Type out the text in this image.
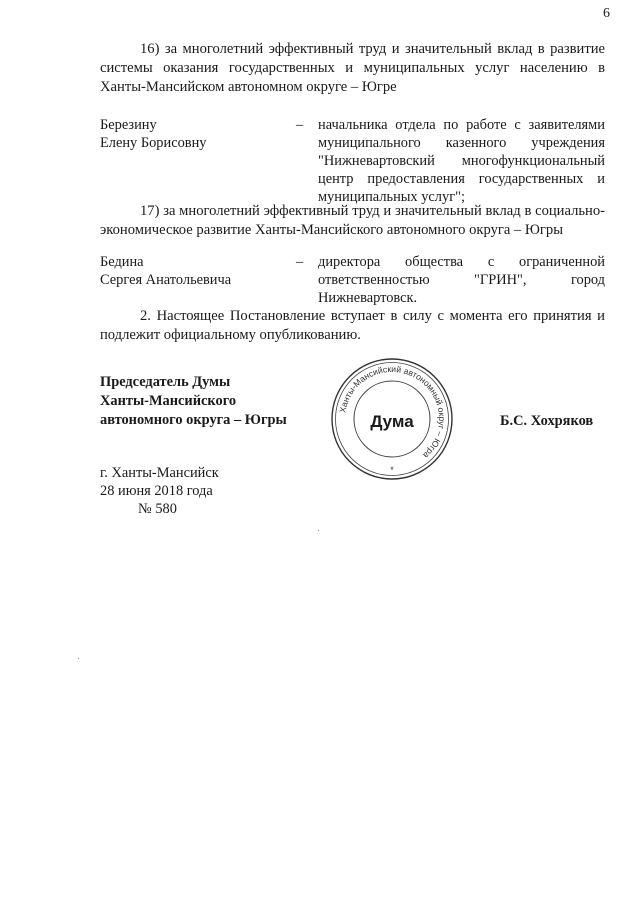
6

16) за многолетний эффективный труд и значительный вклад в развитие системы оказания государственных и муниципальных услуг населению в Ханты-Мансийском автономном округе – Югре

Березину
Елену Борисовну
– начальника отдела по работе с заявителями муниципального казенного учреждения "Нижневартовский многофункциональный центр предоставления государственных и муниципальных услуг";

17) за многолетний эффективный труд и значительный вклад в социально-экономическое развитие Ханты-Мансийского автономного округа – Югры

Бедина
Сергея Анатольевича
– директора общества с ограниченной ответственностью "ГРИН", город Нижневартовск.

2. Настоящее Постановление вступает в силу с момента его принятия и подлежит официальному опубликованию.

Председатель Думы
Ханты-Мансийского
автономного округа – Югры
Ханты-Мансийский автономный округ – Югра
Дума
*
Б.С. Хохряков
г. Ханты-Мансийск
28 июня 2018 года
№ 580
